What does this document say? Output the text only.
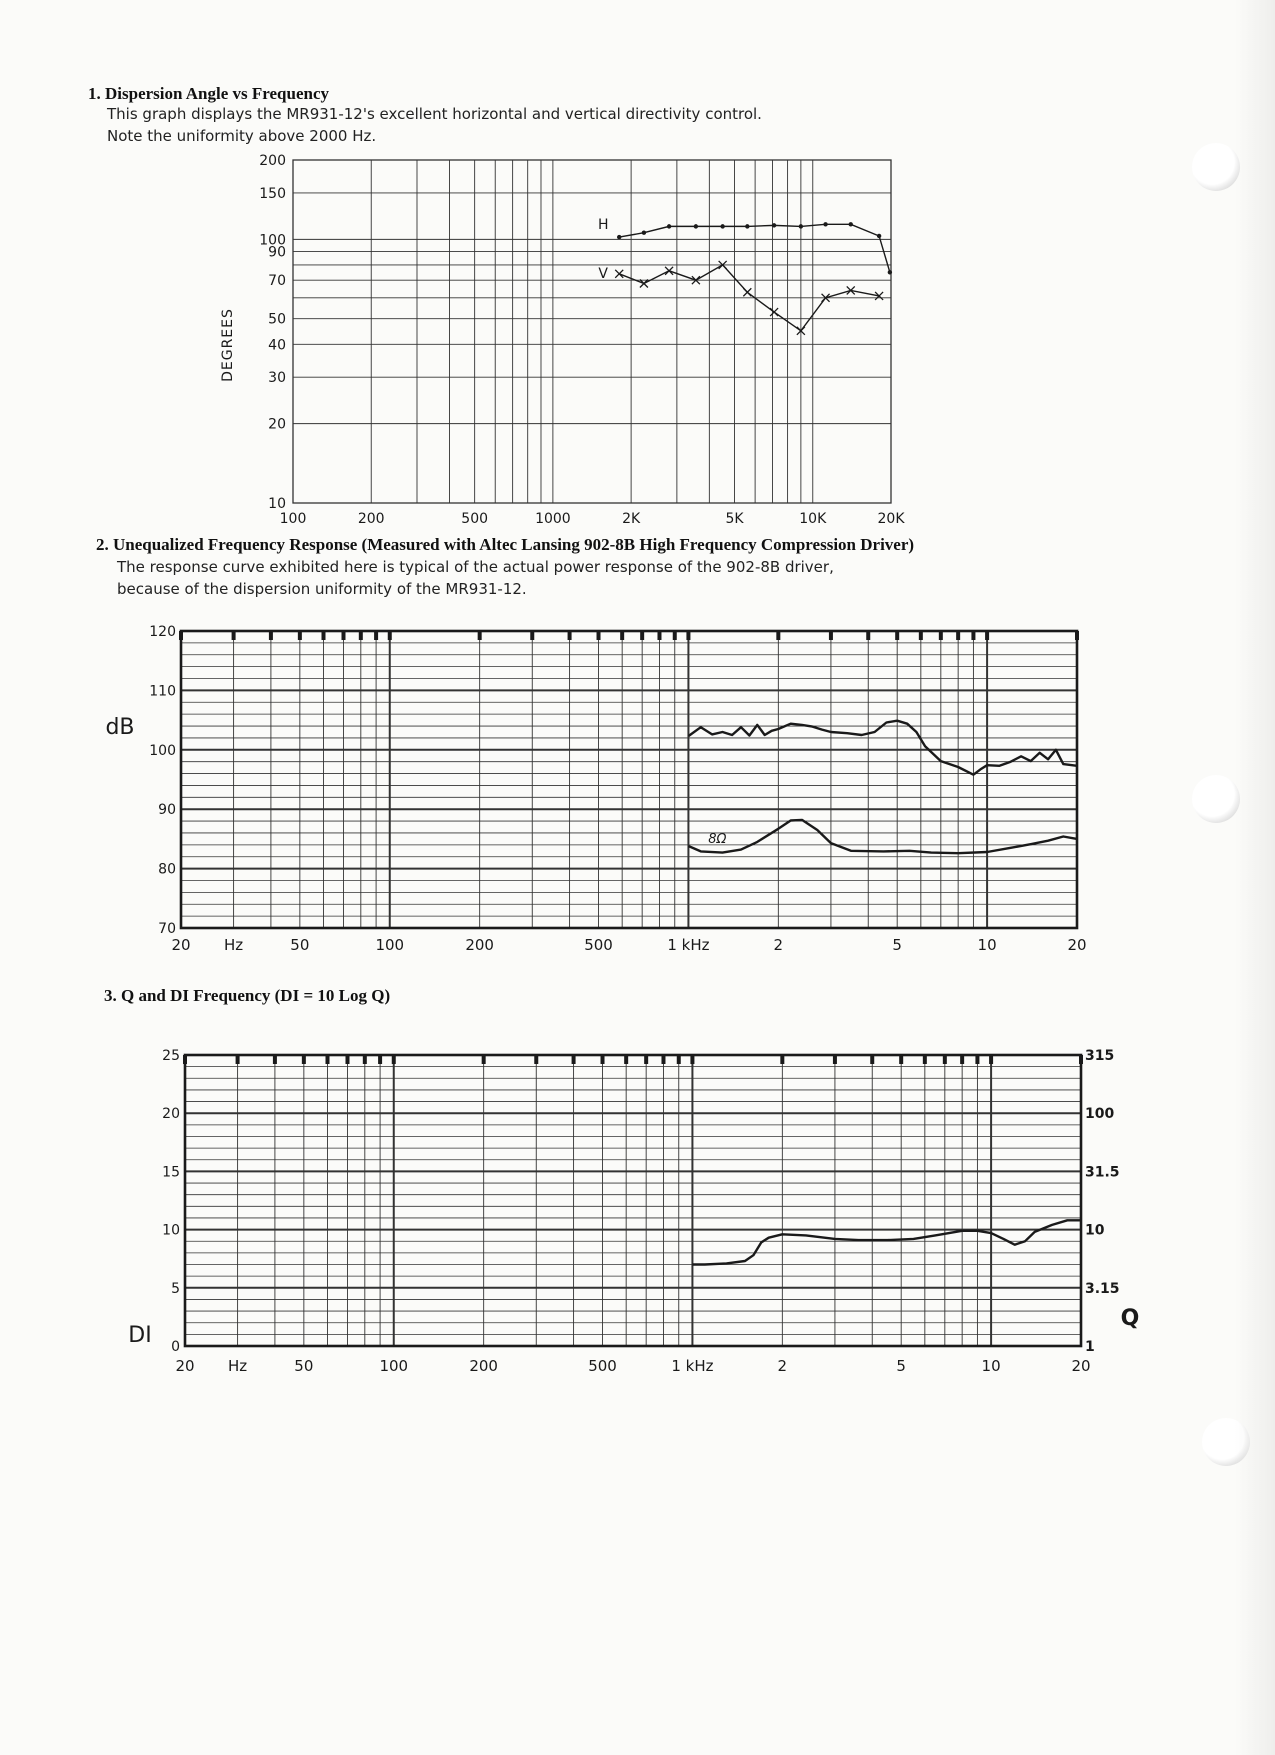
1. Dispersion Angle vs Frequency
This graph displays the MR931-12's excellent horizontal and vertical directivity control.
Note the uniformity above 2000 Hz.
100	200	500	1000	2K	5K	10K	20K
200
150
100
90
70
50
40
30
20
10
DEGREES
H
V
20 Hz	50	100	200	500	1 kHz	2	5	10	20
120
110
100
90
80
70
dB
8Ω
20 Hz	50	100	200	500	1 kHz	2	5	10	20
25
20
15
10
5
0
315
100
31.5
10
3.15
1
DI
Q
2. Unequalized Frequency Response (Measured with Altec Lansing 902-8B High Frequency Compression Driver)
The response curve exhibited here is typical of the actual power response of the 902-8B driver,
because of the dispersion uniformity of the MR931-12.
3. Q and DI Frequency (DI = 10 Log Q)
